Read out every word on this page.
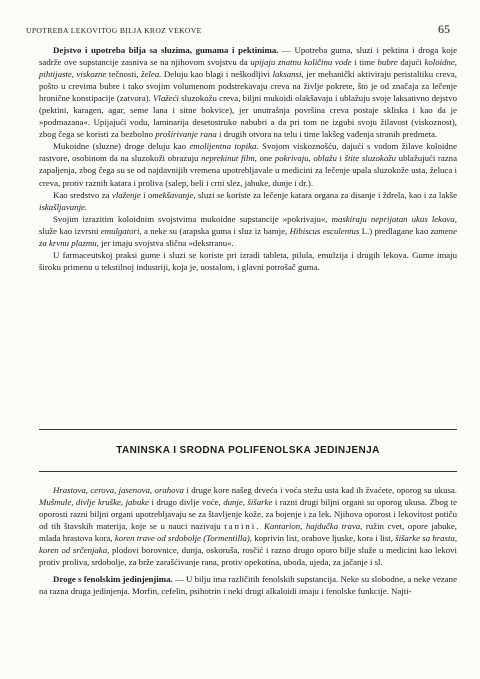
UPOTREBA LEKOVITOG BILJA KROZ VEKOVE	65

Dejstvo i upotreba bilja sa sluzima, gumama i pektinima. — Upotreba guma, sluzi i pektina i droga koje sadrže ove supstancije zasniva se na njihovom svojstvu da upijaju znatnu količinu vode i time bubre dajući koloidne, pihtijaste, viskozne tečnosti, želea. Deluju kao blagi i neškodljivi laksansi, jer mehanički aktiviraju peristaltiku creva, pošto u crevima bubre i tako svojim volumenom podstrekavaju creva na življe pokrete, što je od značaja za lečenje hronične konstipacije (zatvora). Vlažeći sluzokožu creva, biljni mukoidi olakšavaju i ublažuju svoje laksativno dejstvo (pektini, karagen, agar, seme lana i sitne bokvice), jer unutrašnja površina creva postaje skliska i kao da je »podmazana«. Upijajući vodu, laminarija desetostruko nabubri a da pri tom ne izgubi svoju žilavost (viskoznost), zbog čega se koristi za bezbolno proširivanje rana i drugih otvora na telu i time lakšeg vađenja stranih predmeta.

Mukoidne (sluzne) droge deluju kao emolijentna topika. Svojom viskoznošću, dajući s vodom žilave koloidne rastvore, osobinom da na sluzokoži obrazuju neprekinut film, one pokrivaju, oblažu i štite sluzokožu ublažujući razna zapaljenja, zbog čega su se od najdavnijih vremena upotrebljavale u medicini za lečenje upala sluzokože usta, želuca i creva, protiv raznih katara i proliva (salep, beli i crni slez, jabuke, dunje i dr.).

Kao sredstvo za vlaženje i omekšavanje, sluzi se koriste za lečenje katara organa za disanje i ždrela, kao i za lakše iskašljavanje.

Svojim izrazitim koloidnim svojstvima mukoidne supstancije »pokrivaju«, maskiraju neprijatan ukus lekova, služe kao izvrsni emulgatori, a neke su (arapska guma i sluz iz bamje, Hibiscus esculentus L.) predlagane kao zamene za krvnu plazmu, jer imaju svojstva slična »dekstranu«.

U farmaceutskoj praksi gume i sluzi se koriste pri izradi tableta, pilula, emulzija i drugih lekova. Gume imaju široku primenu u tekstilnoj industriji, koja je, uostalom, i glavni potrošač guma.

TANINSKA I SRODNA POLIFENOLSKA JEDINJENJA

Hrastova, cerova, jasenova, orahova i druge kore našeg drveća i voća stežu usta kad ih žvaćete, oporog su ukusa. Mušmule, divlje kruške, jabuke i drugo divlje voće, dunje, šišarke i razni drugi biljni organi su oporog ukusa. Zbog te oporosti razni biljni organi upotrebljavaju se za štavljenje kože, za bojenje i za lek. Njihova oporost i lekovitost potiču od tih štavskih materija, koje se u nauci nazivaju tanini. Kantarion, hajdučka trava, ružin cvet, opore jabuke, mlada hrastova kora, koren trave od srdobolje (Tormentilla), koprivin list, orahove ljuske, kora i list, šišarke sa hrasta, koren od srčenjaka, plodovi borovnice, dunja, oskoruša, rosčić i razno drugo oporo bilje služe u medicini kao lekovi protiv proliva, srdobolje, za brže zarašćivanje rana, protiv opekotina, uboda, ujeda, za jačanje i sl.

Droge s fenolskim jedinjenjima. — U bilju ima različitih fenolskih supstancija. Neke su slobodne, a neke vezane na razna druga jedinjenja. Morfin, cefelin, psihotrin i neki drugi alkaloidi imaju i fenolske funkcije. Najti-
